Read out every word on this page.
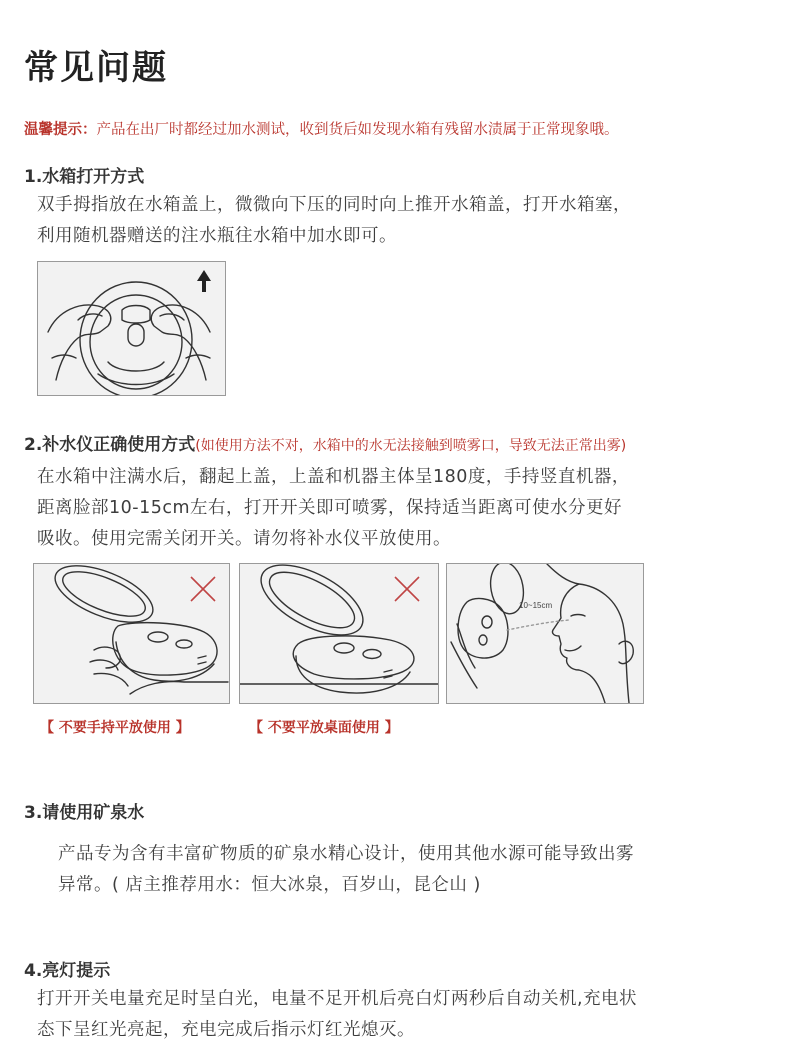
常见问题
温馨提示：产品在出厂时都经过加水测试，收到货后如发现水箱有残留水渍属于正常现象哦。
1.水箱打开方式

双手拇指放在水箱盖上，微微向下压的同时向上推开水箱盖，打开水箱塞，

利用随机器赠送的注水瓶往水箱中加水即可。

2.补水仪正确使用方式(如使用方法不对，水箱中的水无法接触到喷雾口，导致无法正常出雾)

在水箱中注满水后，翻起上盖，上盖和机器主体呈180度，手持竖直机器，

距离脸部10-15cm左右，打开开关即可喷雾，保持适当距离可使水分更好

吸收。使用完需关闭开关。请勿将补水仪平放使用。

10~15cm
【 不要手持平放使用 】	【 不要平放桌面使用 】
3.请使用矿泉水

产品专为含有丰富矿物质的矿泉水精心设计，使用其他水源可能导致出雾

异常。( 店主推荐用水：恒大冰泉，百岁山，昆仑山 )

4.亮灯提示

打开开关电量充足时呈白光，电量不足开机后亮白灯两秒后自动关机,充电状

态下呈红光亮起，充电完成后指示灯红光熄灭。
